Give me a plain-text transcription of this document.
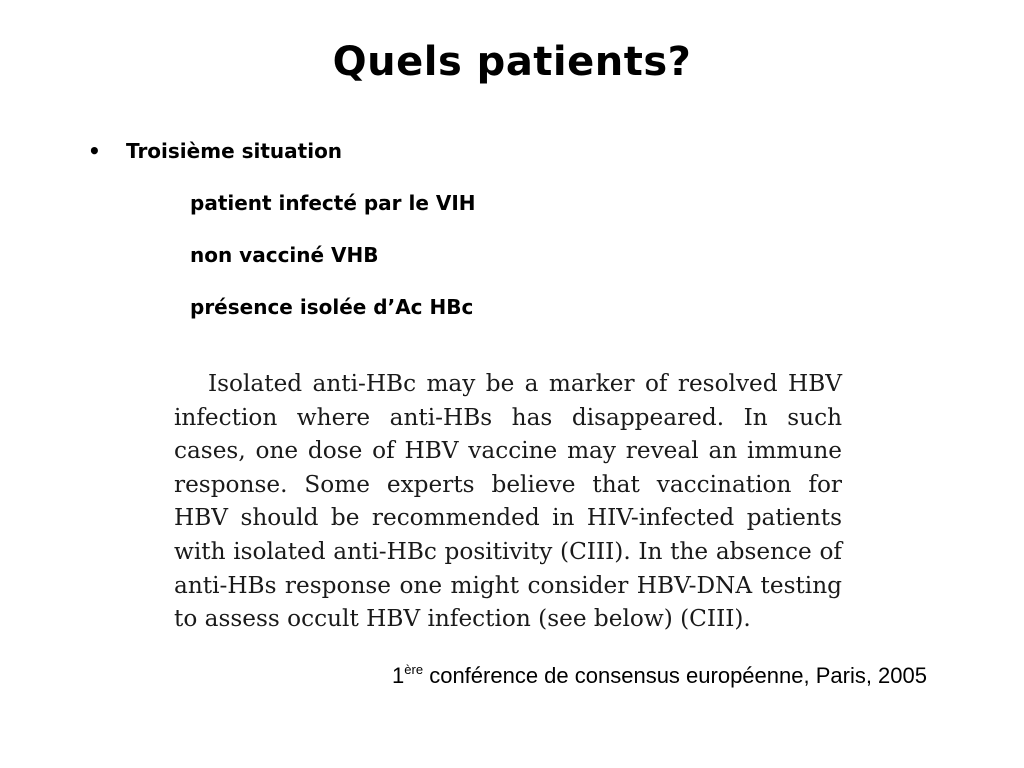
Quels patients?
• Troisième situation
patient infecté par le VIH
non vacciné VHB
présence isolée d’Ac HBc
Isolated anti-HBc may be a marker of resolved HBV infection where anti-HBs has disappeared. In such cases, one dose of HBV vaccine may reveal an immune response. Some experts believe that vaccination for HBV should be recommended in HIV-infected patients with isolated anti-HBc positivity (CIII). In the absence of anti-HBs response one might consider HBV-DNA testing to assess occult HBV infection (see below) (CIII).
1ère conférence de consensus européenne, Paris, 2005
